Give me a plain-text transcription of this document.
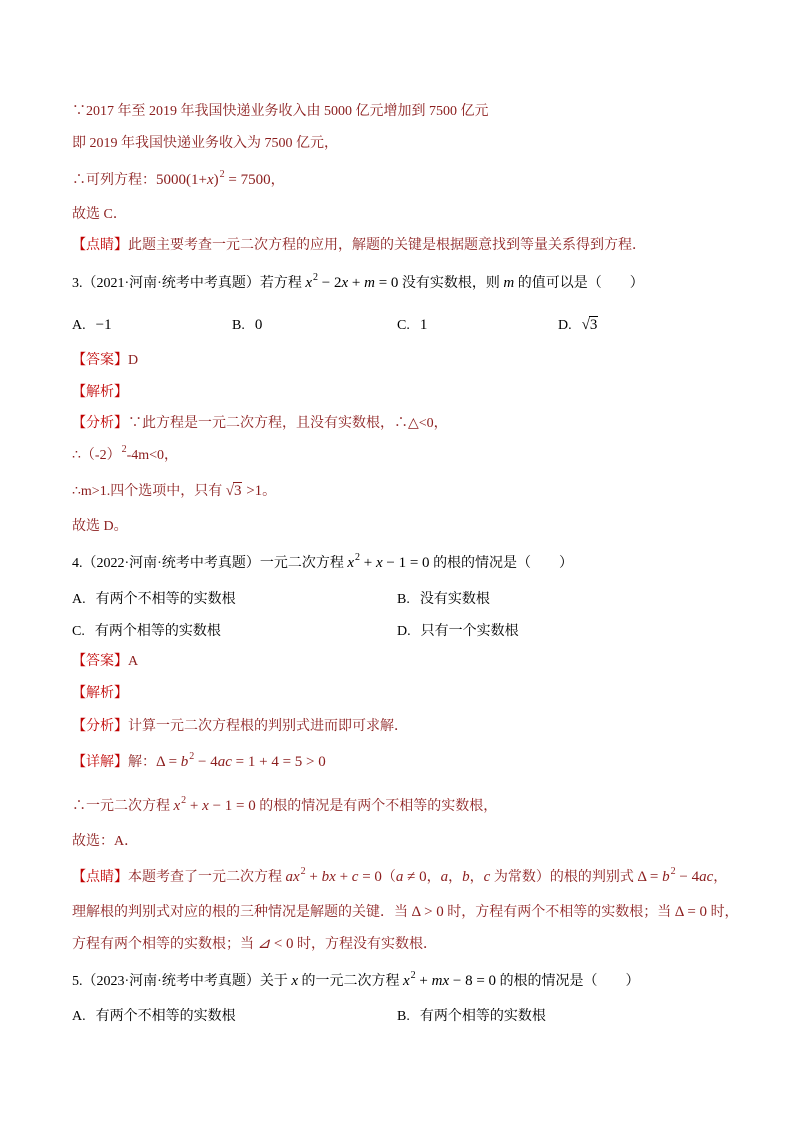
∵2017 年至 2019 年我国快递业务收入由 5000 亿元增加到 7500 亿元
即 2019 年我国快递业务收入为 7500 亿元，
∴可列方程：$5000(1+x)^2 = 7500$，
故选 C．
【点睛】此题主要考查一元二次方程的应用，解题的关键是根据题意找到等量关系得到方程．
3.（2021·河南·统考中考真题）若方程 $x^2 - 2x + m = 0$ 没有实数根，则 m 的值可以是（　　）
A. −1	B. 0	C. 1	D. √3
【答案】D
【解析】
【分析】∵此方程是一元二次方程，且没有实数根，∴△<0，
$\therefore(-2)^2-4m<0$，
∴m>1.四个选项中，只有 √3 >1。
故选 D。
4.（2022·河南·统考中考真题）一元二次方程 $x^2 + x - 1 = 0$ 的根的情况是（　　）
A. 有两个不相等的实数根	B. 没有实数根
C. 有两个相等的实数根	D. 只有一个实数根
【答案】A
【解析】
【分析】计算一元二次方程根的判别式进而即可求解．
【详解】解：$\Delta = b^2 - 4ac = 1 + 4 = 5 > 0$
∴一元二次方程 $x^2 + x - 1 = 0$ 的根的情况是有两个不相等的实数根，
故选：A．
【点睛】本题考查了一元二次方程 $ax^2$ + bx + c = 0（a ≠ 0，a，b，c 为常数）的根的判别式 $\Delta = b^2 - 4ac$，
理解根的判别式对应的根的三种情况是解题的关键．当 Δ > 0 时，方程有两个不相等的实数根；当 Δ = 0 时，
方程有两个相等的实数根；当 ⊿ < 0 时，方程没有实数根．
5.（2023·河南·统考中考真题）关于 x 的一元二次方程 $x^2$ + mx − 8 = 0 的根的情况是（　　）
A. 有两个不相等的实数根	B. 有两个相等的实数根
